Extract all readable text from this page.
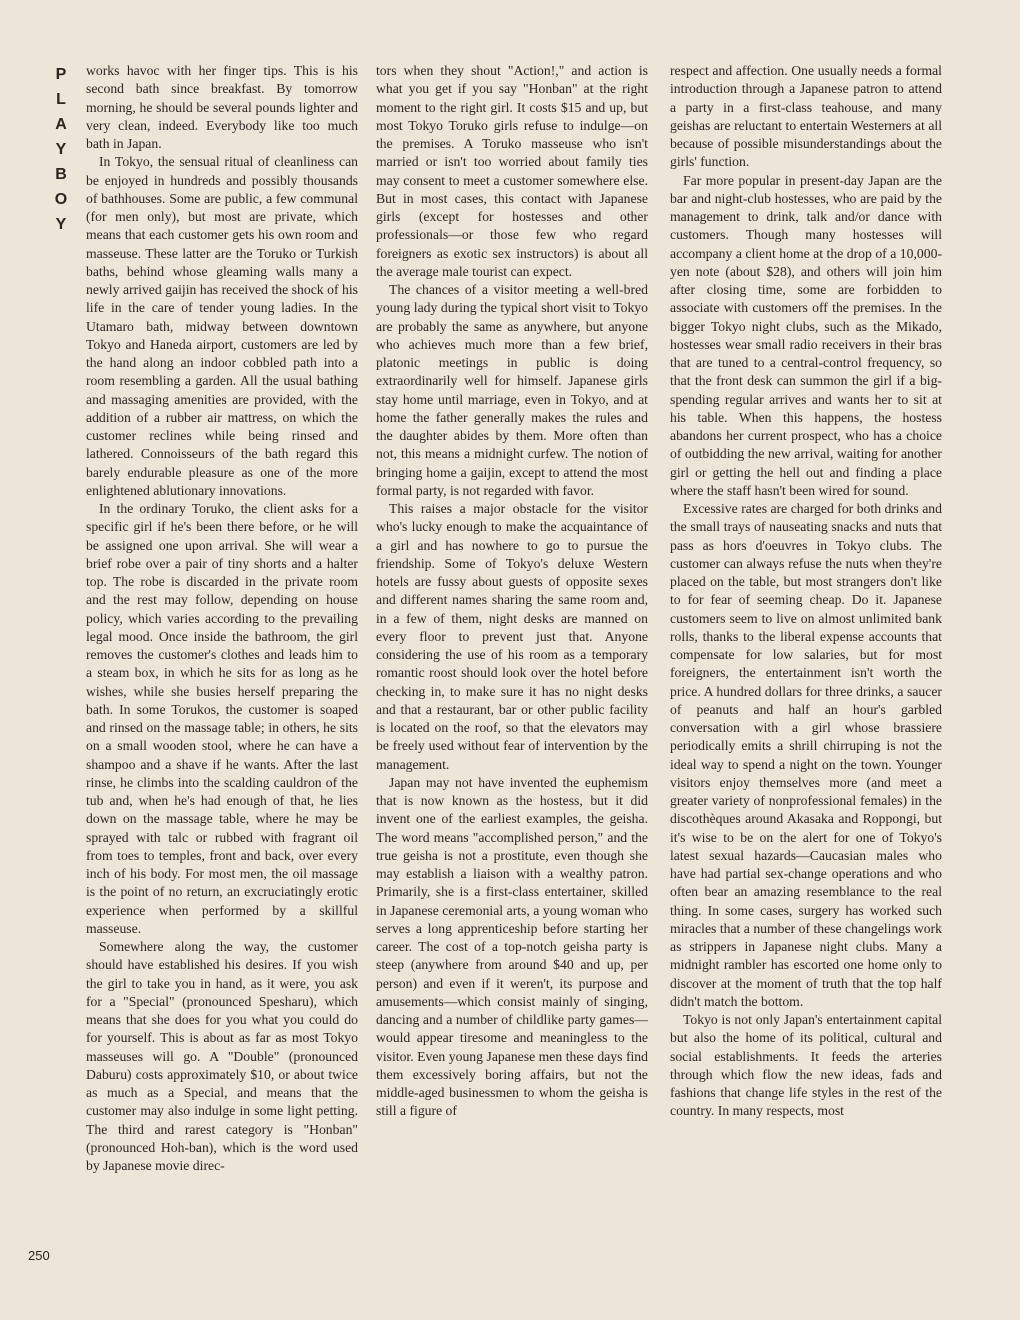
P
L
A
Y
B
O
Y
250

works havoc with her finger tips. This is his second bath since breakfast. By tomorrow morning, he should be several pounds lighter and very clean, indeed. Everybody like too much bath in Japan.

In Tokyo, the sensual ritual of cleanliness can be enjoyed in hundreds and possibly thousands of bathhouses. Some are public, a few communal (for men only), but most are private, which means that each customer gets his own room and masseuse. These latter are the Toruko or Turkish baths, behind whose gleaming walls many a newly arrived gaijin has received the shock of his life in the care of tender young ladies. In the Utamaro bath, midway between downtown Tokyo and Haneda airport, customers are led by the hand along an indoor cobbled path into a room resembling a garden. All the usual bathing and massaging amenities are provided, with the addition of a rubber air mattress, on which the customer reclines while being rinsed and lathered. Connoisseurs of the bath regard this barely endurable pleasure as one of the more enlightened ablutionary innovations.

In the ordinary Toruko, the client asks for a specific girl if he's been there before, or he will be assigned one upon arrival. She will wear a brief robe over a pair of tiny shorts and a halter top. The robe is discarded in the private room and the rest may follow, depending on house policy, which varies according to the prevailing legal mood. Once inside the bathroom, the girl removes the customer's clothes and leads him to a steam box, in which he sits for as long as he wishes, while she busies herself preparing the bath. In some Torukos, the customer is soaped and rinsed on the massage table; in others, he sits on a small wooden stool, where he can have a shampoo and a shave if he wants. After the last rinse, he climbs into the scalding cauldron of the tub and, when he's had enough of that, he lies down on the massage table, where he may be sprayed with talc or rubbed with fragrant oil from toes to temples, front and back, over every inch of his body. For most men, the oil massage is the point of no return, an excruciatingly erotic experience when performed by a skillful masseuse.

Somewhere along the way, the customer should have established his desires. If you wish the girl to take you in hand, as it were, you ask for a "Special" (pronounced Spesharu), which means that she does for you what you could do for yourself. This is about as far as most Tokyo masseuses will go. A "Double" (pronounced Daburu) costs approximately $10, or about twice as much as a Special, and means that the customer may also indulge in some light petting. The third and rarest category is "Honban" (pronounced Hoh-ban), which is the word used by Japanese movie direc-

tors when they shout "Action!," and action is what you get if you say "Honban" at the right moment to the right girl. It costs $15 and up, but most Tokyo Toruko girls refuse to indulge—on the premises. A Toruko masseuse who isn't married or isn't too worried about family ties may consent to meet a customer somewhere else. But in most cases, this contact with Japanese girls (except for hostesses and other professionals—or those few who regard foreigners as exotic sex instructors) is about all the average male tourist can expect.

The chances of a visitor meeting a well-bred young lady during the typical short visit to Tokyo are probably the same as anywhere, but anyone who achieves much more than a few brief, platonic meetings in public is doing extraordinarily well for himself. Japanese girls stay home until marriage, even in Tokyo, and at home the father generally makes the rules and the daughter abides by them. More often than not, this means a midnight curfew. The notion of bringing home a gaijin, except to attend the most formal party, is not regarded with favor.

This raises a major obstacle for the visitor who's lucky enough to make the acquaintance of a girl and has nowhere to go to pursue the friendship. Some of Tokyo's deluxe Western hotels are fussy about guests of opposite sexes and different names sharing the same room and, in a few of them, night desks are manned on every floor to prevent just that. Anyone considering the use of his room as a temporary romantic roost should look over the hotel before checking in, to make sure it has no night desks and that a restaurant, bar or other public facility is located on the roof, so that the elevators may be freely used without fear of intervention by the management.

Japan may not have invented the euphemism that is now known as the hostess, but it did invent one of the earliest examples, the geisha. The word means "accomplished person," and the true geisha is not a prostitute, even though she may establish a liaison with a wealthy patron. Primarily, she is a first-class entertainer, skilled in Japanese ceremonial arts, a young woman who serves a long apprenticeship before starting her career. The cost of a top-notch geisha party is steep (anywhere from around $40 and up, per person) and even if it weren't, its purpose and amusements—which consist mainly of singing, dancing and a number of childlike party games—would appear tiresome and meaningless to the visitor. Even young Japanese men these days find them excessively boring affairs, but not the middle-aged businessmen to whom the geisha is still a figure of

respect and affection. One usually needs a formal introduction through a Japanese patron to attend a party in a first-class teahouse, and many geishas are reluctant to entertain Westerners at all because of possible misunderstandings about the girls' function.

Far more popular in present-day Japan are the bar and night-club hostesses, who are paid by the management to drink, talk and/or dance with customers. Though many hostesses will accompany a client home at the drop of a 10,000-yen note (about $28), and others will join him after closing time, some are forbidden to associate with customers off the premises. In the bigger Tokyo night clubs, such as the Mikado, hostesses wear small radio receivers in their bras that are tuned to a central-control frequency, so that the front desk can summon the girl if a big-spending regular arrives and wants her to sit at his table. When this happens, the hostess abandons her current prospect, who has a choice of outbidding the new arrival, waiting for another girl or getting the hell out and finding a place where the staff hasn't been wired for sound.

Excessive rates are charged for both drinks and the small trays of nauseating snacks and nuts that pass as hors d'oeuvres in Tokyo clubs. The customer can always refuse the nuts when they're placed on the table, but most strangers don't like to for fear of seeming cheap. Do it. Japanese customers seem to live on almost unlimited bank rolls, thanks to the liberal expense accounts that compensate for low salaries, but for most foreigners, the entertainment isn't worth the price. A hundred dollars for three drinks, a saucer of peanuts and half an hour's garbled conversation with a girl whose brassiere periodically emits a shrill chirruping is not the ideal way to spend a night on the town. Younger visitors enjoy themselves more (and meet a greater variety of nonprofessional females) in the discothèques around Akasaka and Roppongi, but it's wise to be on the alert for one of Tokyo's latest sexual hazards—Caucasian males who have had partial sex-change operations and who often bear an amazing resemblance to the real thing. In some cases, surgery has worked such miracles that a number of these changelings work as strippers in Japanese night clubs. Many a midnight rambler has escorted one home only to discover at the moment of truth that the top half didn't match the bottom.

Tokyo is not only Japan's entertainment capital but also the home of its political, cultural and social establishments. It feeds the arteries through which flow the new ideas, fads and fashions that change life styles in the rest of the country. In many respects, most
